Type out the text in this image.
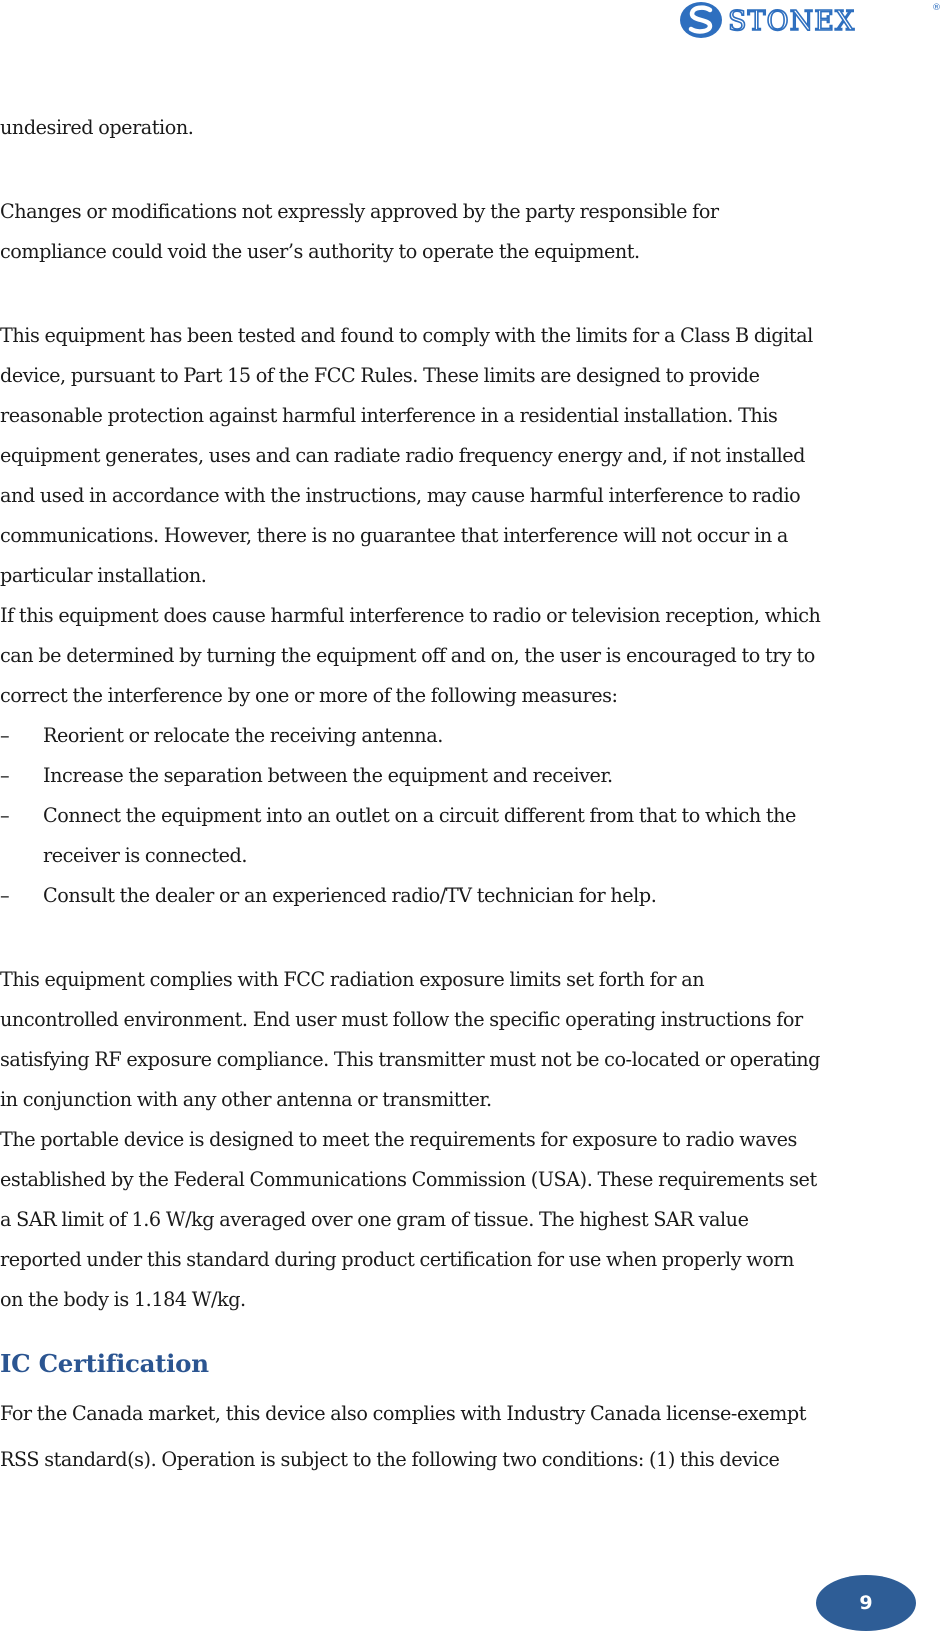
STONEX	®
undesired operation.
Changes or modifications not expressly approved by the party responsible for
compliance could void the user’s authority to operate the equipment.
This equipment has been tested and found to comply with the limits for a Class B digital
device, pursuant to Part 15 of the FCC Rules. These limits are designed to provide
reasonable protection against harmful interference in a residential installation. This
equipment generates, uses and can radiate radio frequency energy and, if not installed
and used in accordance with the instructions, may cause harmful interference to radio
communications. However, there is no guarantee that interference will not occur in a
particular installation.
If this equipment does cause harmful interference to radio or television reception, which
can be determined by turning the equipment off and on, the user is encouraged to try to
correct the interference by one or more of the following measures:
–	Reorient or relocate the receiving antenna.
–	Increase the separation between the equipment and receiver.
–	Connect the equipment into an outlet on a circuit different from that to which the
receiver is connected.
–	Consult the dealer or an experienced radio/TV technician for help.
This equipment complies with FCC radiation exposure limits set forth for an
uncontrolled environment. End user must follow the specific operating instructions for
satisfying RF exposure compliance. This transmitter must not be co-located or operating
in conjunction with any other antenna or transmitter.
The portable device is designed to meet the requirements for exposure to radio waves
established by the Federal Communications Commission (USA). These requirements set
a SAR limit of 1.6 W/kg averaged over one gram of tissue. The highest SAR value
reported under this standard during product certification for use when properly worn
on the body is 1.184 W/kg.
IC Certification
For the Canada market, this device also complies with Industry Canada license-exempt
RSS standard(s). Operation is subject to the following two conditions: (1) this device
9
